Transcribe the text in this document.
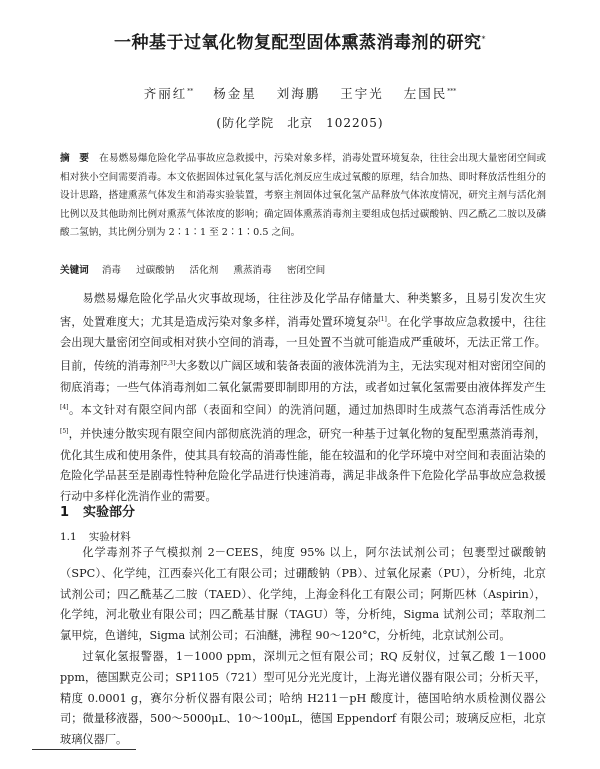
一种基于过氧化物复配型固体熏蒸消毒剂的研究*
齐丽红** 杨金星 刘海鹏 王宇光 左国民***
(防化学院　北京　102205)
摘　要 在易燃易爆危险化学品事故应急救援中，污染对象多样，消毒处置环境复杂，往往会出现大量密闭空间或相对狭小空间需要消毒。本文依据固体过氧化氢与活化剂反应生成过氧酸的原理，结合加热、即时释放活性组分的设计思路，搭建熏蒸气体发生和消毒实验装置，考察主剂固体过氧化氢产品释放气体浓度情况，研究主剂与活化剂比例以及其他助剂比例对熏蒸气体浓度的影响；确定固体熏蒸消毒剂主要组成包括过碳酸钠、四乙酰乙二胺以及磷酸二氢钠，其比例分别为 2∶1∶1 至 2∶1∶0.5 之间。
关键词 消毒 过碳酸钠 活化剂 熏蒸消毒 密闭空间

易燃易爆危险化学品火灾事故现场，往往涉及化学品存储量大、种类繁多，且易引发次生灾害，处置难度大；尤其是造成污染对象多样，消毒处置环境复杂[1]。在化学事故应急救援中，往往会出现大量密闭空间或相对狭小空间的消毒，一旦处置不当就可能造成严重破坏，无法正常工作。目前，传统的消毒剂[2,3]大多数以广阔区域和装备表面的液体洗消为主，无法实现对相对密闭空间的彻底消毒；一些气体消毒剂如二氧化氯需要即制即用的方法，或者如过氧化氢需要由液体挥发产生[4]。本文针对有限空间内部（表面和空间）的洗消问题，通过加热即时生成蒸气态消毒活性成分[5]，并快速分散实现有限空间内部彻底洗消的理念，研究一种基于过氧化物的复配型熏蒸消毒剂，优化其生成和使用条件，使其具有较高的消毒性能，能在较温和的化学环境中对空间和表面沾染的危险化学品甚至是剧毒性特种危险化学品进行快速消毒，满足非战条件下危险化学品事故应急救援行动中多样化洗消作业的需要。

1 实验部分
1.1 实验材料

化学毒剂芥子气模拟剂 2－CEES，纯度 95% 以上，阿尔法试剂公司；包裹型过碳酸钠（SPC）、化学纯，江西泰兴化工有限公司；过硼酸钠（PB）、过氧化尿素（PU），分析纯，北京试剂公司；四乙酰基乙二胺（TAED）、化学纯，上海金科化工有限公司；阿斯匹林（Aspirin），化学纯，河北敬业有限公司；四乙酰基甘脲（TAGU）等，分析纯，Sigma 试剂公司；萃取剂二氯甲烷，色谱纯，Sigma 试剂公司；石油醚，沸程 90～120°C，分析纯，北京试剂公司。

过氧化氢报警器，1－1000 ppm，深圳元之恒有限公司；RQ 反射仪，过氧乙酸 1－1000 ppm，德国默克公司；SP1105（721）型可见分光光度计，上海光谱仪器有限公司；分析天平，精度 0.0001 g，赛尔分析仪器有限公司；哈纳 H211－pH 酸度计，德国哈纳水质检测仪器公司；微量移液器，500～5000μL、10～100μL，德国 Eppendorf 有限公司；玻璃反应柜，北京玻璃仪器厂。
